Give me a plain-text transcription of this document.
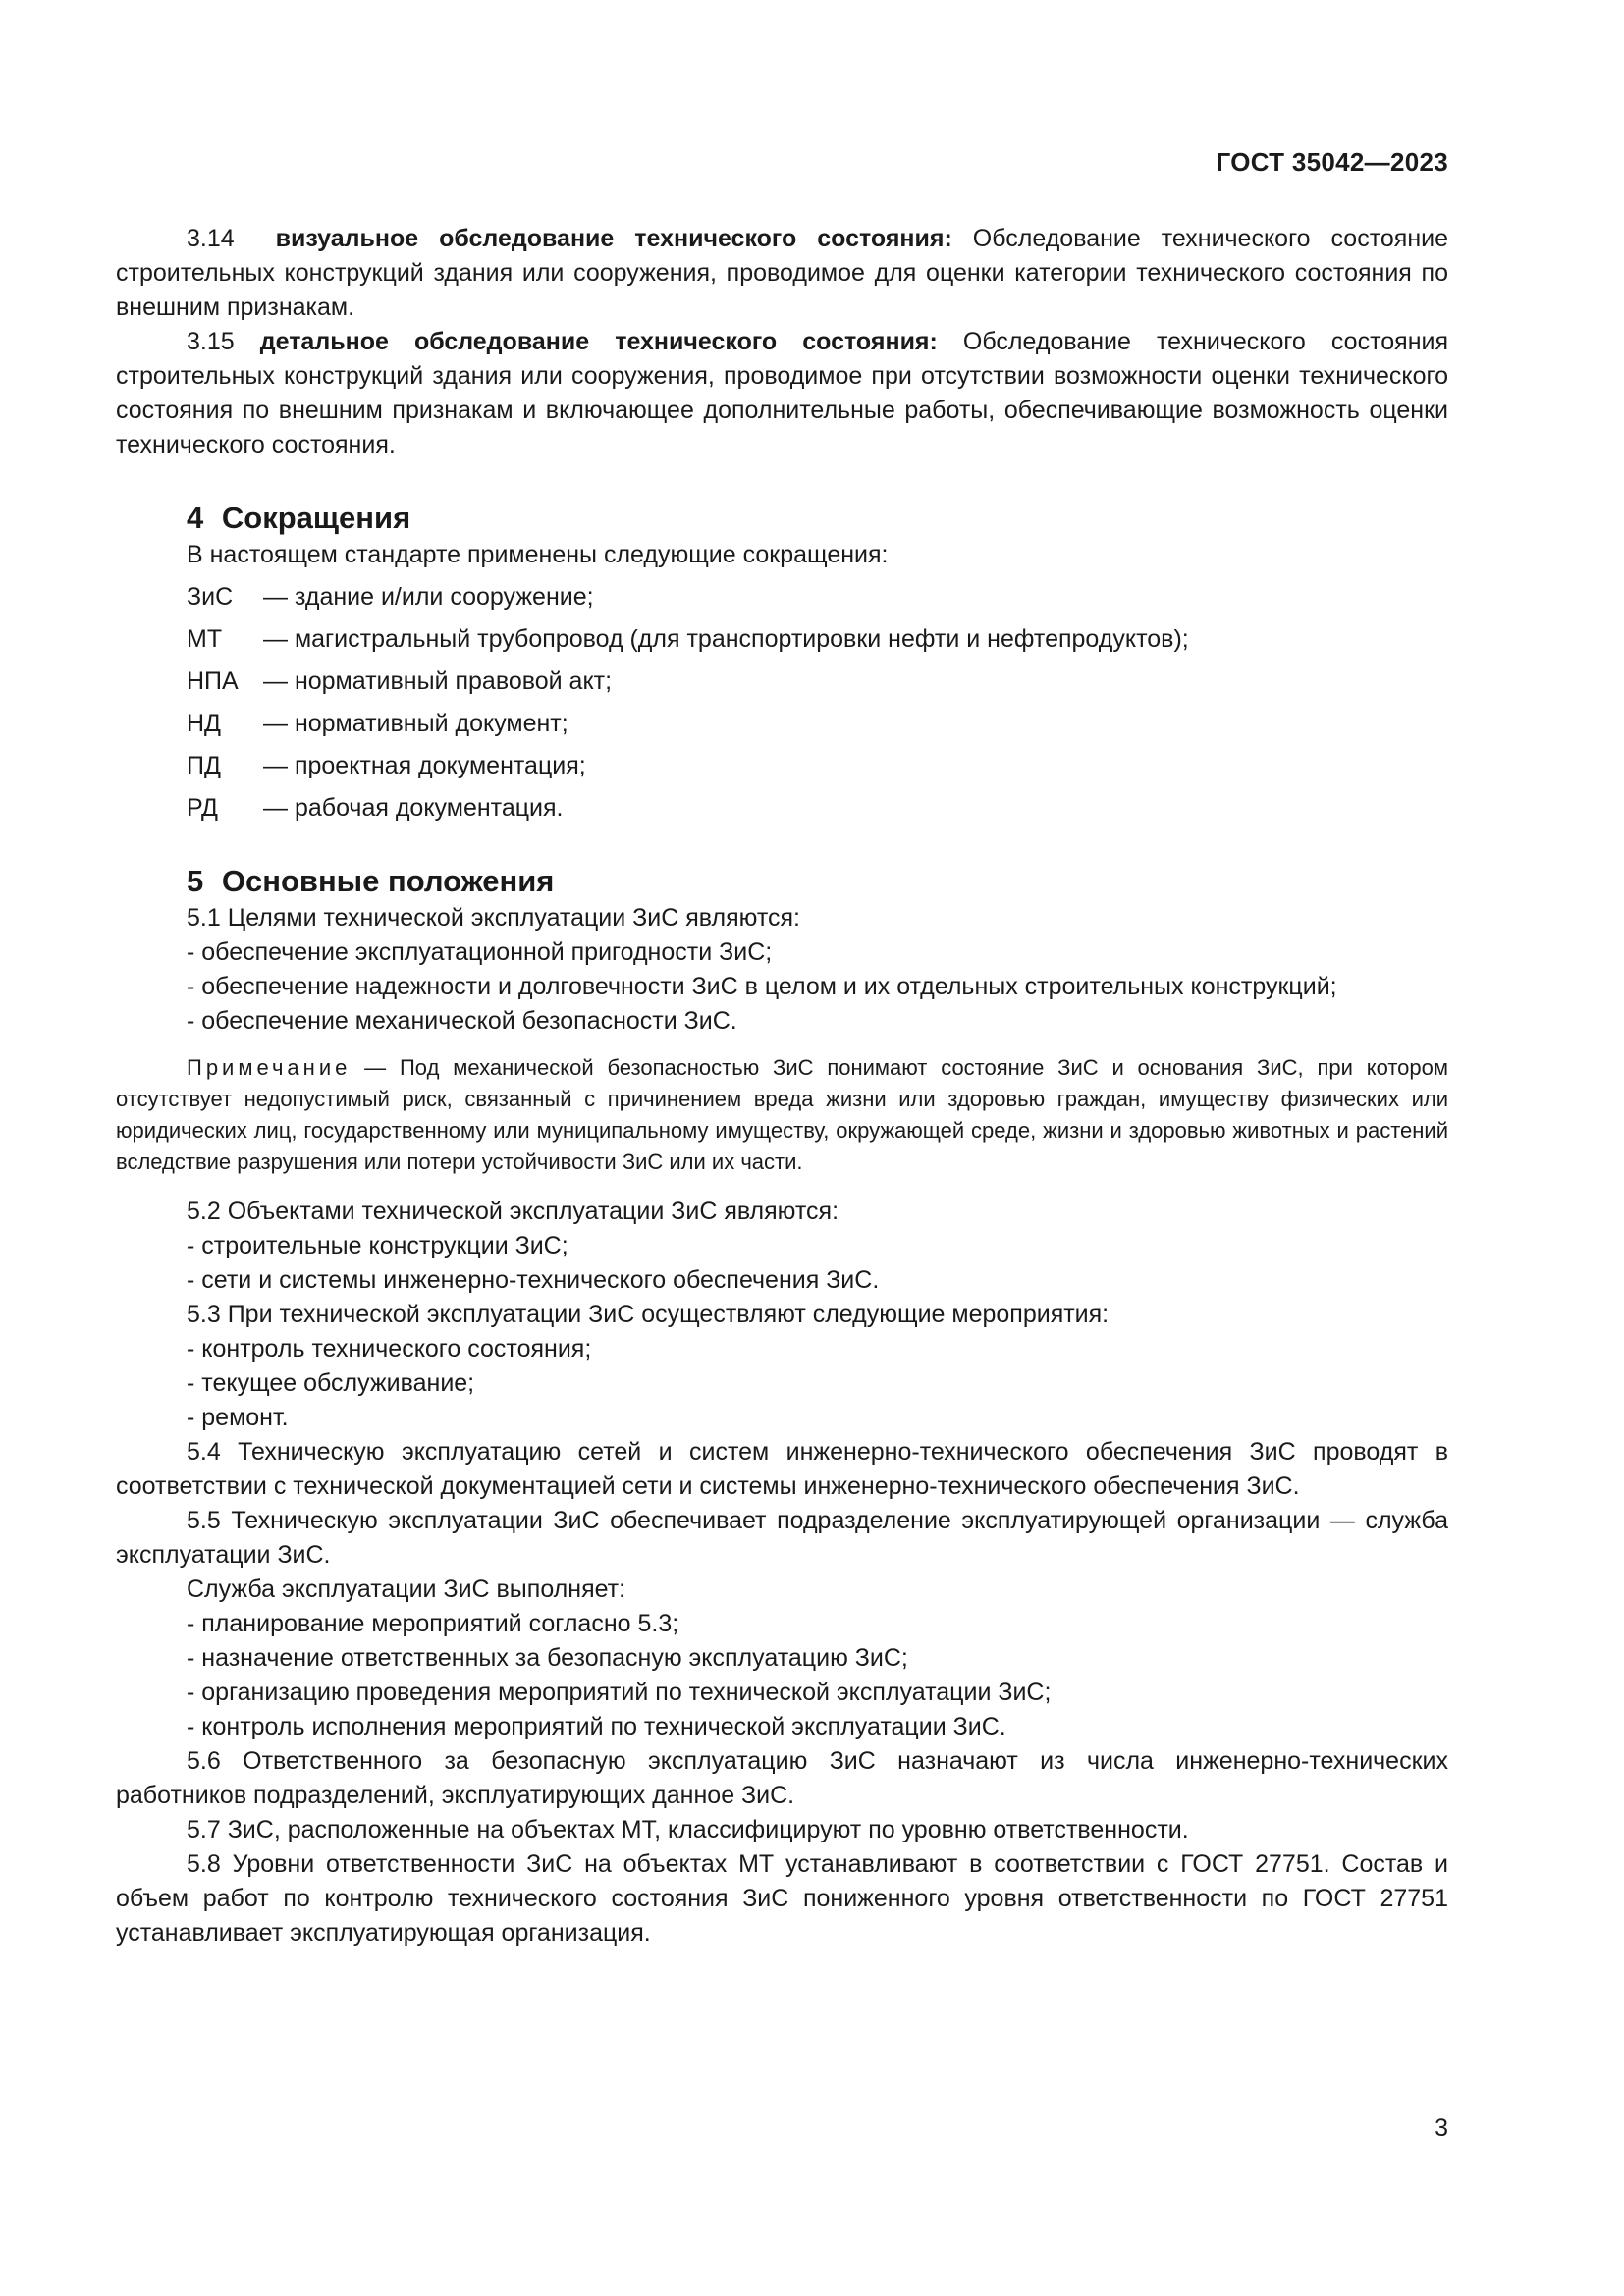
ГОСТ 35042—2023

3.14 визуальное обследование технического состояния: Обследование технического состояние строительных конструкций здания или сооружения, проводимое для оценки категории технического состояния по внешним признакам.

3.15 детальное обследование технического состояния: Обследование технического состояния строительных конструкций здания или сооружения, проводимое при отсутствии возможности оценки технического состояния по внешним признакам и включающее дополнительные работы, обеспечивающие возможность оценки технического состояния.

4 Сокращения

В настоящем стандарте применены следующие сокращения:

ЗиС	— здание и/или сооружение;
МТ	— магистральный трубопровод (для транспортировки нефти и нефтепродуктов);
НПА	— нормативный правовой акт;
НД	— нормативный документ;
ПД	— проектная документация;
РД	— рабочая документация.
5 Основные положения

5.1 Целями технической эксплуатации ЗиС являются:

- обеспечение эксплуатационной пригодности ЗиС;

- обеспечение надежности и долговечности ЗиС в целом и их отдельных строительных конструкций;

- обеспечение механической безопасности ЗиС.

Примечание — Под механической безопасностью ЗиС понимают состояние ЗиС и основания ЗиС, при котором отсутствует недопустимый риск, связанный с причинением вреда жизни или здоровью граждан, имуществу физических или юридических лиц, государственному или муниципальному имуществу, окружающей среде, жизни и здоровью животных и растений вследствие разрушения или потери устойчивости ЗиС или их части.

5.2 Объектами технической эксплуатации ЗиС являются:

- строительные конструкции ЗиС;

- сети и системы инженерно-технического обеспечения ЗиС.

5.3 При технической эксплуатации ЗиС осуществляют следующие мероприятия:

- контроль технического состояния;

- текущее обслуживание;

- ремонт.

5.4 Техническую эксплуатацию сетей и систем инженерно-технического обеспечения ЗиС проводят в соответствии с технической документацией сети и системы инженерно-технического обеспечения ЗиС.

5.5 Техническую эксплуатации ЗиС обеспечивает подразделение эксплуатирующей организации — служба эксплуатации ЗиС.

Служба эксплуатации ЗиС выполняет:

- планирование мероприятий согласно 5.3;

- назначение ответственных за безопасную эксплуатацию ЗиС;

- организацию проведения мероприятий по технической эксплуатации ЗиС;

- контроль исполнения мероприятий по технической эксплуатации ЗиС.

5.6 Ответственного за безопасную эксплуатацию ЗиС назначают из числа инженерно-технических работников подразделений, эксплуатирующих данное ЗиС.

5.7 ЗиС, расположенные на объектах МТ, классифицируют по уровню ответственности.

5.8 Уровни ответственности ЗиС на объектах МТ устанавливают в соответствии с ГОСТ 27751. Состав и объем работ по контролю технического состояния ЗиС пониженного уровня ответственности по ГОСТ 27751 устанавливает эксплуатирующая организация.

3
